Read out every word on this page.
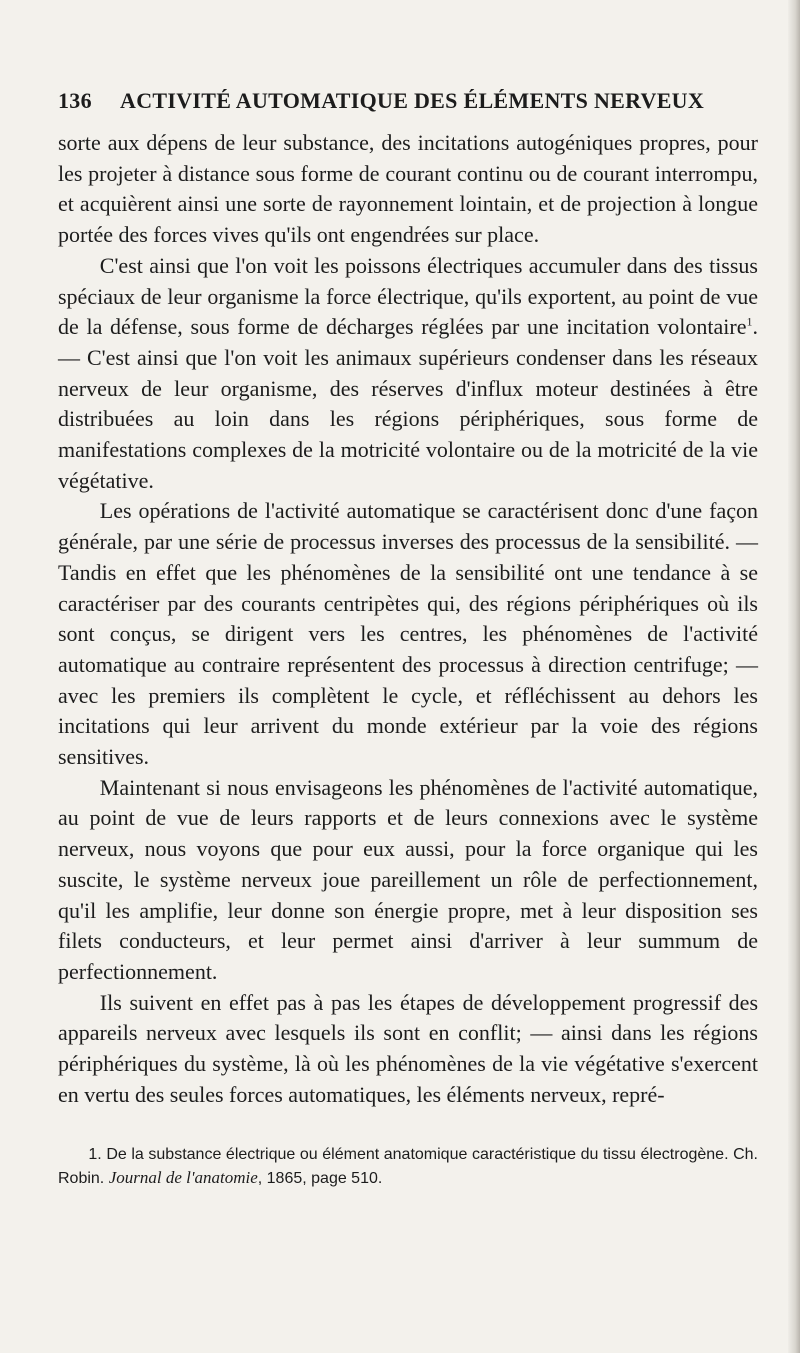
136 ACTIVITÉ AUTOMATIQUE DES ÉLÉMENTS NERVEUX

sorte aux dépens de leur substance, des incitations autogéniques propres, pour les projeter à distance sous forme de courant continu ou de courant interrompu, et acquièrent ainsi une sorte de rayonnement lointain, et de projection à longue portée des forces vives qu'ils ont engendrées sur place.

C'est ainsi que l'on voit les poissons électriques accumuler dans des tissus spéciaux de leur organisme la force électrique, qu'ils exportent, au point de vue de la défense, sous forme de décharges réglées par une incitation volontaire$^1$. — C'est ainsi que l'on voit les animaux supérieurs condenser dans les réseaux nerveux de leur organisme, des réserves d'influx moteur destinées à être distribuées au loin dans les régions périphériques, sous forme de manifestations complexes de la motricité volontaire ou de la motricité de la vie végétative.

Les opérations de l'activité automatique se caractérisent donc d'une façon générale, par une série de processus inverses des processus de la sensibilité. — Tandis en effet que les phénomènes de la sensibilité ont une tendance à se caractériser par des courants centripètes qui, des régions périphériques où ils sont conçus, se dirigent vers les centres, les phénomènes de l'activité automatique au contraire représentent des processus à direction centrifuge; — avec les premiers ils complètent le cycle, et réfléchissent au dehors les incitations qui leur arrivent du monde extérieur par la voie des régions sensitives.

Maintenant si nous envisageons les phénomènes de l'activité automatique, au point de vue de leurs rapports et de leurs connexions avec le système nerveux, nous voyons que pour eux aussi, pour la force organique qui les suscite, le système nerveux joue pareillement un rôle de perfectionnement, qu'il les amplifie, leur donne son énergie propre, met à leur disposition ses filets conducteurs, et leur permet ainsi d'arriver à leur summum de perfectionnement.

Ils suivent en effet pas à pas les étapes de développement progressif des appareils nerveux avec lesquels ils sont en conflit; — ainsi dans les régions périphériques du système, là où les phénomènes de la vie végétative s'exercent en vertu des seules forces automatiques, les éléments nerveux, repré-

1. De la substance électrique ou élément anatomique caractéristique du tissu électrogène. Ch. Robin. Journal de l'anatomie, 1865, page 510.
